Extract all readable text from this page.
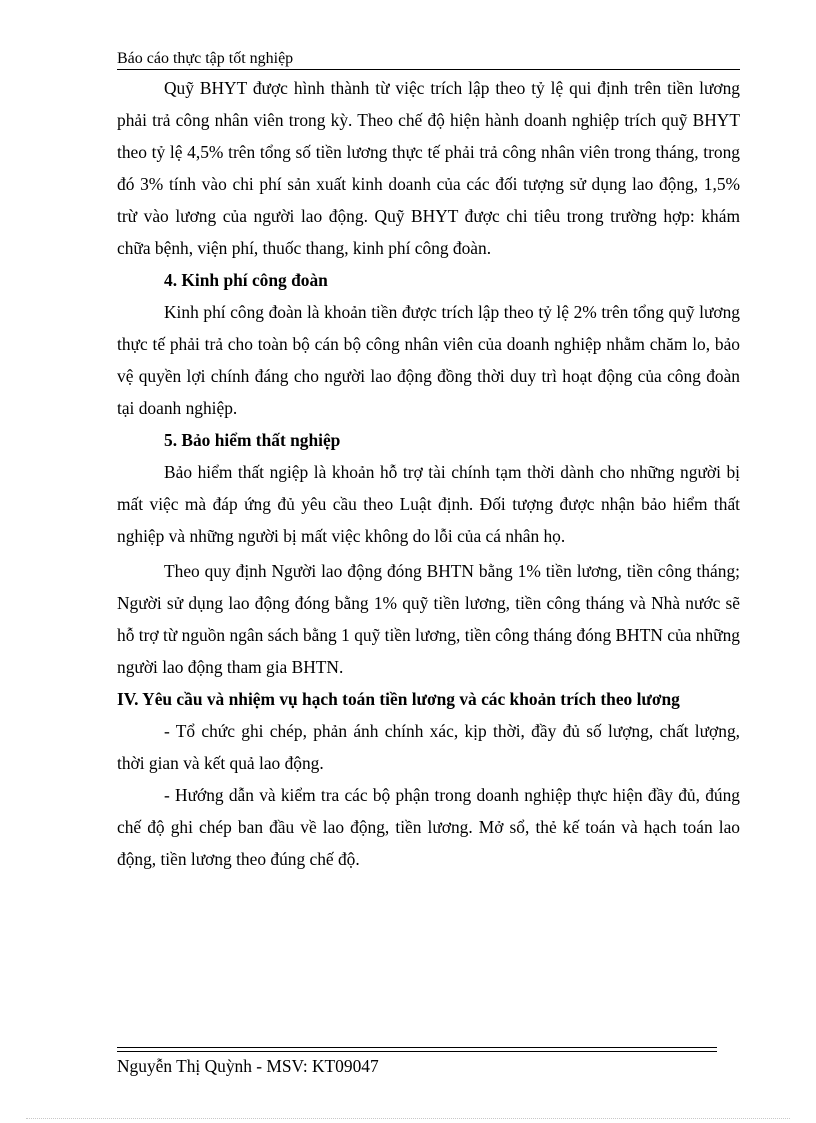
Báo cáo thực tập tốt nghiệp

Quỹ BHYT được hình thành từ việc trích lập theo tỷ lệ qui định trên tiền lương phải trả công nhân viên trong kỳ. Theo chế độ hiện hành doanh nghiệp trích quỹ BHYT theo tỷ lệ 4,5% trên tổng số tiền lương thực tế phải trả công nhân viên trong tháng, trong đó 3% tính vào chi phí sản xuất kinh doanh của các đối tượng sử dụng lao động, 1,5% trừ vào lương của người lao động. Quỹ BHYT được chi tiêu trong trường hợp: khám chữa bệnh, viện phí, thuốc thang, kinh phí công đoàn.

4. Kinh phí công đoàn

Kinh phí công đoàn là khoản tiền được trích lập theo tỷ lệ 2% trên tổng quỹ lương thực tế phải trả cho toàn bộ cán bộ công nhân viên của doanh nghiệp nhằm chăm lo, bảo vệ quyền lợi chính đáng cho người lao động đồng thời duy trì hoạt động của công đoàn tại doanh nghiệp.

5. Bảo hiểm thất nghiệp

Bảo hiểm thất ngiệp là khoản hỗ trợ tài chính tạm thời dành cho những người bị mất việc mà đáp ứng đủ yêu cầu theo Luật định. Đối tượng được nhận bảo hiểm thất nghiệp và những người bị mất việc không do lỗi của cá nhân họ.

Theo quy định Người lao động đóng BHTN bằng 1% tiền lương, tiền công tháng; Người sử dụng lao động đóng bằng 1% quỹ tiền lương, tiền công tháng và Nhà nước sẽ hỗ trợ từ nguồn ngân sách bằng 1 quỹ tiền lương, tiền công tháng đóng BHTN của những người lao động tham gia BHTN.

IV. Yêu cầu và nhiệm vụ hạch toán tiền lương và các khoản trích theo lương

- Tổ chức ghi chép, phản ánh chính xác, kịp thời, đầy đủ số lượng, chất lượng, thời gian và kết quả lao động.

- Hướng dẫn và kiểm tra các bộ phận trong doanh nghiệp thực hiện đầy đủ, đúng chế độ ghi chép ban đầu về lao động, tiền lương. Mở sổ, thẻ kế toán và hạch toán lao động, tiền lương theo đúng chế độ.

Nguyễn Thị Quỳnh - MSV: KT09047
